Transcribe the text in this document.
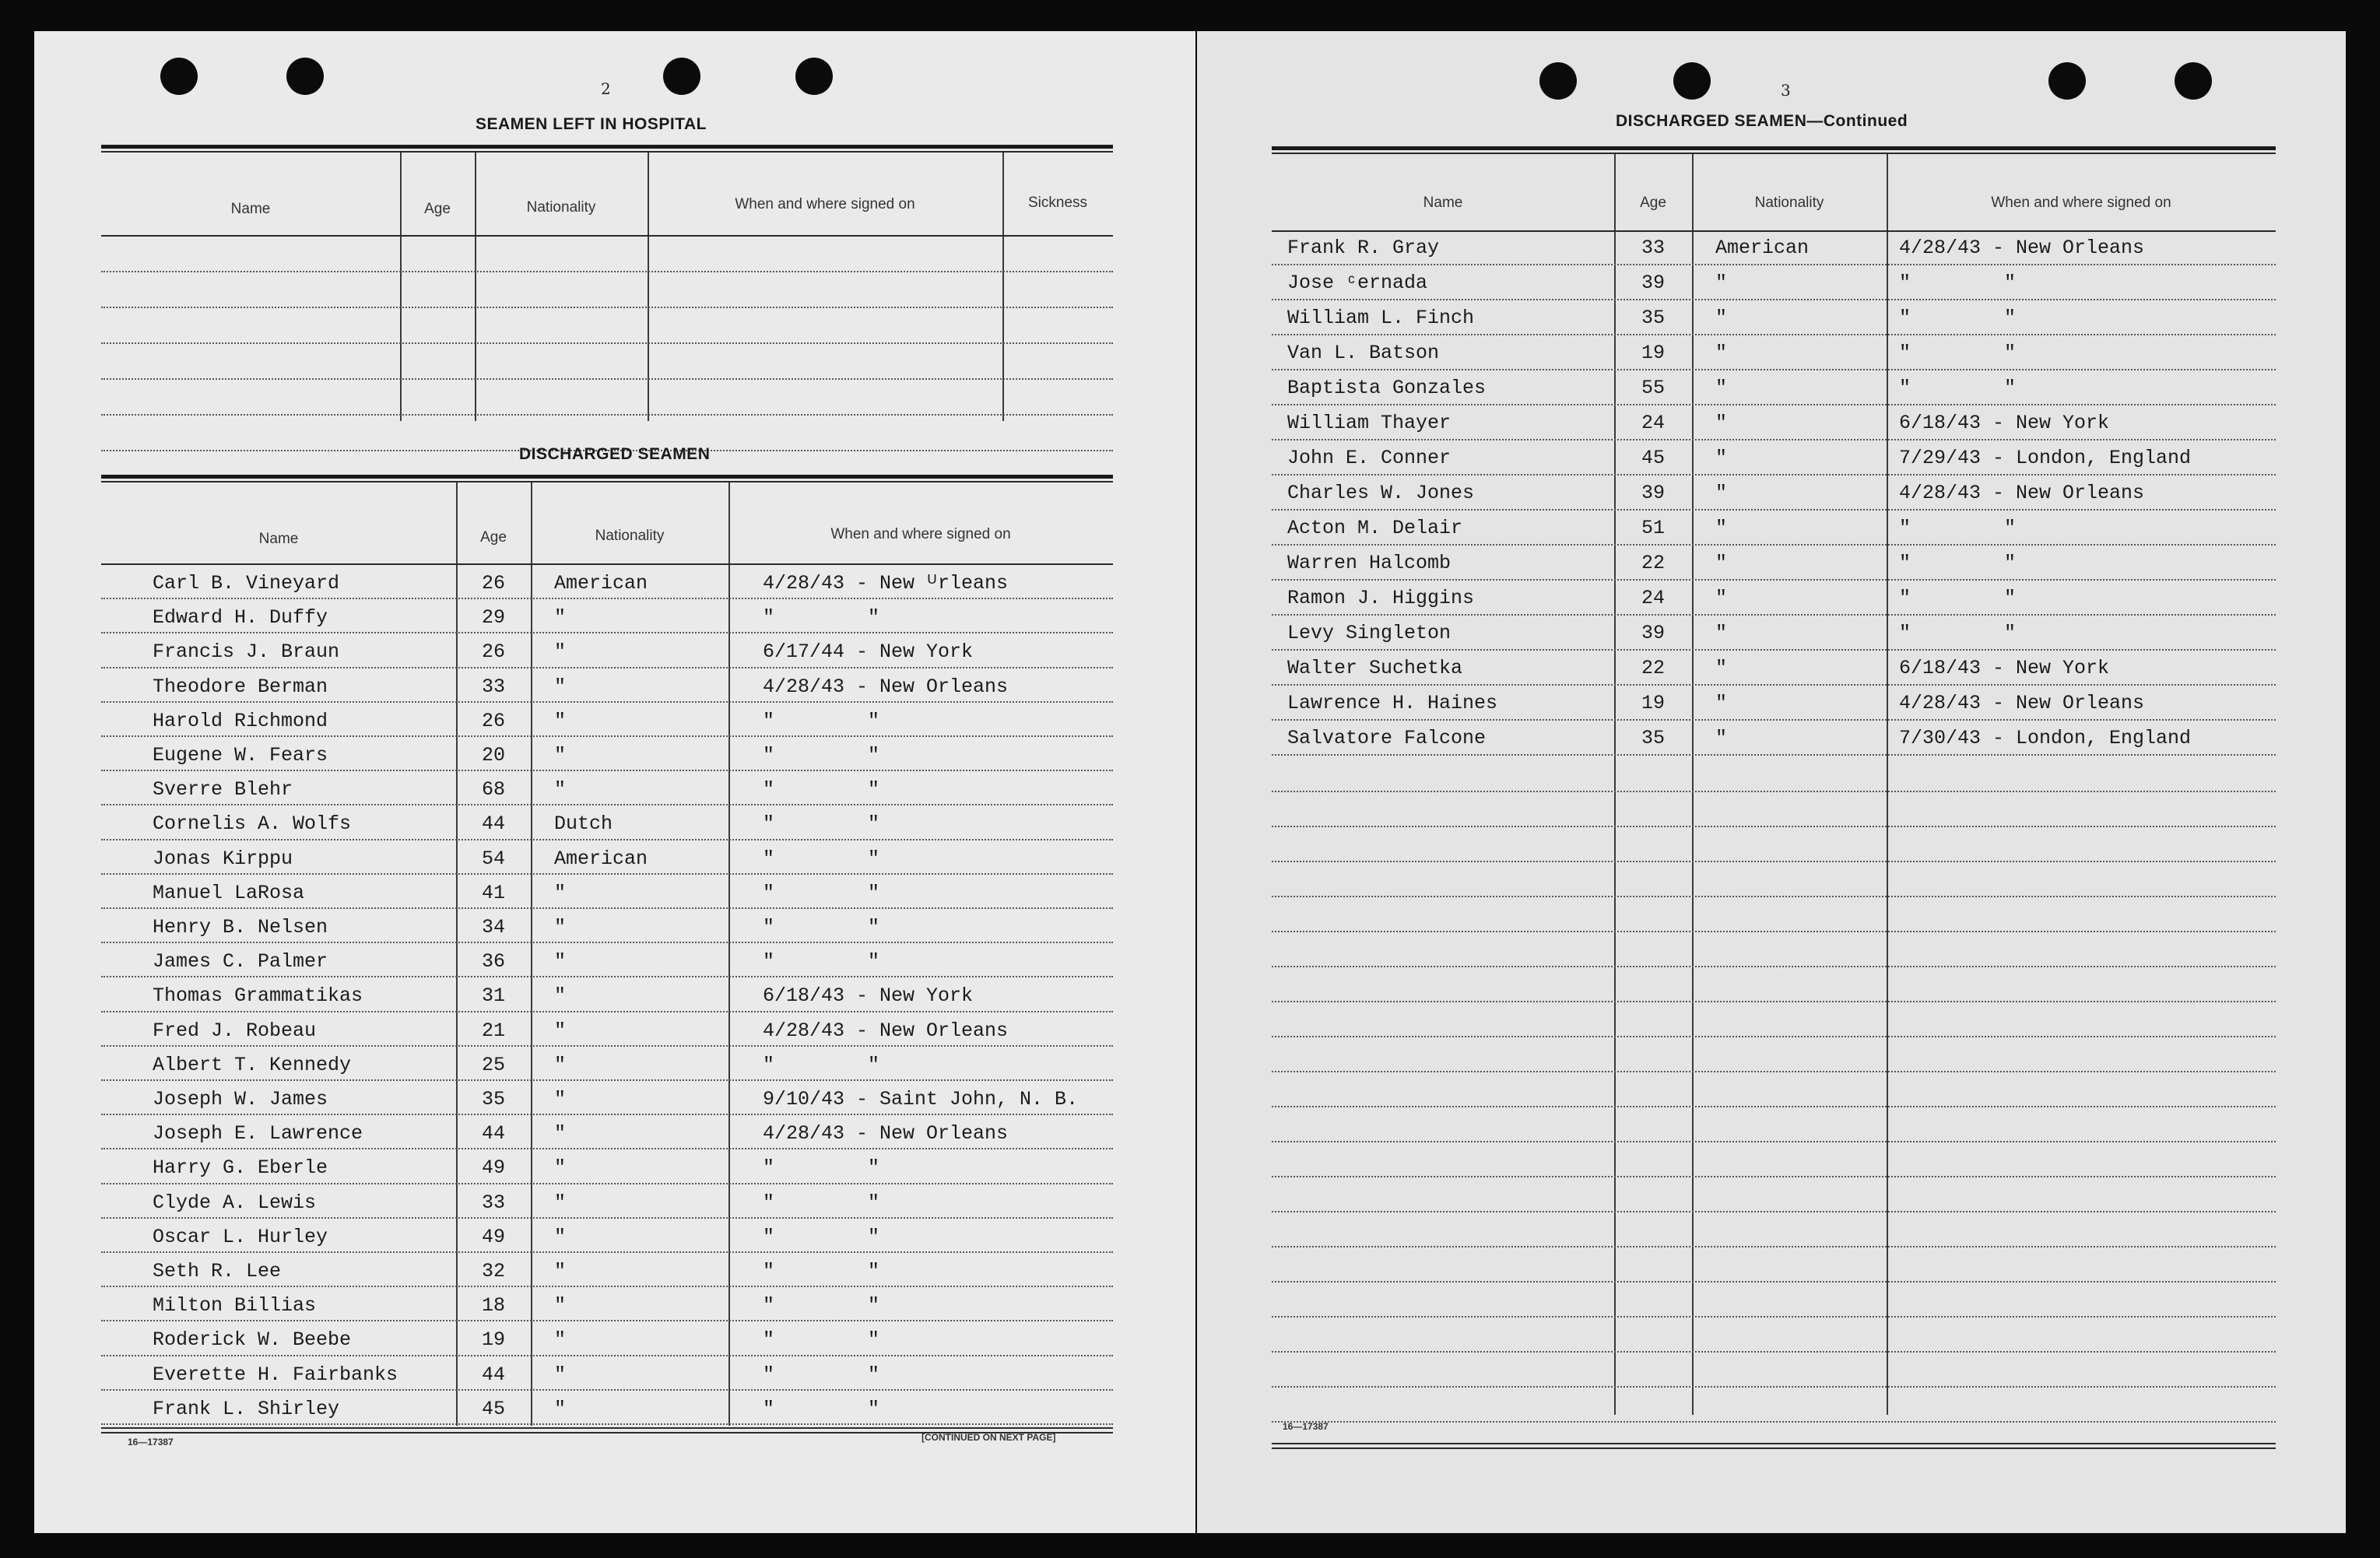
2
SEAMEN LEFT IN HOSPITAL
Name	Age	Nationality	When and where signed on	Sickness
DISCHARGED SEAMEN
Name	Age	Nationality	When and where signed on
Carl B. Vineyard	26	American	4/28/43 - New ᵁrleans
Edward H. Duffy	29	"	"        "
Francis J. Braun	26	"	6/17/44 - New York
Theodore Berman	33	"	4/28/43 - New Orleans
Harold Richmond	26	"	"        "
Eugene W. Fears	20	"	"        "
Sverre Blehr	68	"	"        "
Cornelis A. Wolfs	44	Dutch	"        "
Jonas Kirppu	54	American	"        "
Manuel LaRosa	41	"	"        "
Henry B. Nelsen	34	"	"        "
James C. Palmer	36	"	"        "
Thomas Grammatikas	31	"	6/18/43 - New York
Fred J. Robeau	21	"	4/28/43 - New Orleans
Albert T. Kennedy	25	"	"        "
Joseph W. James	35	"	9/10/43 - Saint John, N. B.
Joseph E. Lawrence	44	"	4/28/43 - New Orleans
Harry G. Eberle	49	"	"        "
Clyde A. Lewis	33	"	"        "
Oscar L. Hurley	49	"	"        "
Seth R. Lee	32	"	"        "
Milton Billias	18	"	"        "
Roderick W. Beebe	19	"	"        "
Everette H. Fairbanks	44	"	"        "
Frank L. Shirley	45	"	"        "
16—17387	[CONTINUED ON NEXT PAGE]
3
DISCHARGED SEAMEN—Continued
Name	Age	Nationality	When and where signed on
Frank R. Gray	33	American	4/28/43 - New Orleans
Jose ᶜernada	39	"	"        "
William L. Finch	35	"	"        "
Van L. Batson	19	"	"        "
Baptista Gonzales	55	"	"        "
William Thayer	24	"	6/18/43 - New York
John E. Conner	45	"	7/29/43 - London, England
Charles W. Jones	39	"	4/28/43 - New Orleans
Acton M. Delair	51	"	"        "
Warren Halcomb	22	"	"        "
Ramon J. Higgins	24	"	"        "
Levy Singleton	39	"	"        "
Walter Suchetka	22	"	6/18/43 - New York
Lawrence H. Haines	19	"	4/28/43 - New Orleans
Salvatore Falcone	35	"	7/30/43 - London, England
16—17387
